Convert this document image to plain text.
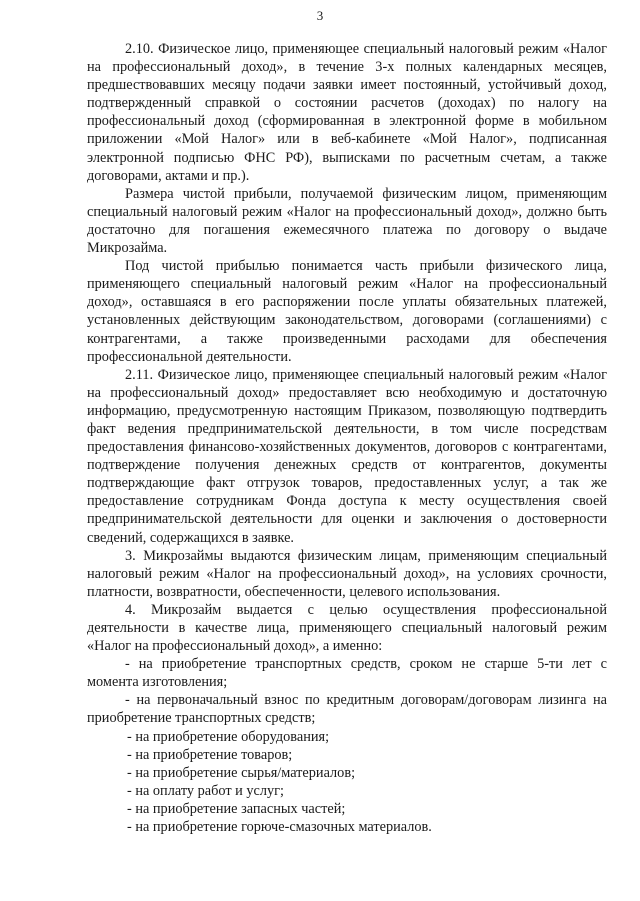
3

2.10. Физическое лицо, применяющее специальный налоговый режим «Налог на профессиональный доход», в течение 3-х полных календарных месяцев, предшествовавших месяцу подачи заявки имеет постоянный, устойчивый доход, подтвержденный справкой о состоянии расчетов (доходах) по налогу на профессиональный доход (сформированная в электронной форме в мобильном приложении «Мой Налог» или в веб-кабинете «Мой Налог», подписанная электронной подписью ФНС РФ), выписками по расчетным счетам, а также договорами, актами и пр.).

Размера чистой прибыли, получаемой физическим лицом, применяющим специальный налоговый режим «Налог на профессиональный доход», должно быть достаточно для погашения ежемесячного платежа по договору о выдаче Микрозайма.

Под чистой прибылью понимается часть прибыли физического лица, применяющего специальный налоговый режим «Налог на профессиональный доход», оставшаяся в его распоряжении после уплаты обязательных платежей, установленных действующим законодательством, договорами (соглашениями) с контрагентами, а также произведенными расходами для обеспечения профессиональной деятельности.

2.11. Физическое лицо, применяющее специальный налоговый режим «Налог на профессиональный доход» предоставляет всю необходимую и достаточную информацию, предусмотренную настоящим Приказом, позволяющую подтвердить факт ведения предпринимательской деятельности, в том числе посредствам предоставления финансово-хозяйственных документов, договоров с контрагентами, подтверждение получения денежных средств от контрагентов, документы подтверждающие факт отгрузок товаров, предоставленных услуг, а так же предоставление сотрудникам Фонда доступа к месту осуществления своей предпринимательской деятельности для оценки и заключения о достоверности сведений, содержащихся в заявке.

3. Микрозаймы выдаются физическим лицам, применяющим специальный налоговый режим «Налог на профессиональный доход», на условиях срочности, платности, возвратности, обеспеченности, целевого использования.

4. Микрозайм выдается с целью осуществления профессиональной деятельности в качестве лица, применяющего специальный налоговый режим «Налог на профессиональный доход», а именно:

- на приобретение транспортных средств, сроком не старше 5-ти лет с момента изготовления;

- на первоначальный взнос по кредитным договорам/договорам лизинга на приобретение транспортных средств;

- на приобретение оборудования;
- на приобретение товаров;
- на приобретение сырья/материалов;
- на оплату работ и услуг;
- на приобретение запасных частей;
- на приобретение горюче-смазочных материалов.
